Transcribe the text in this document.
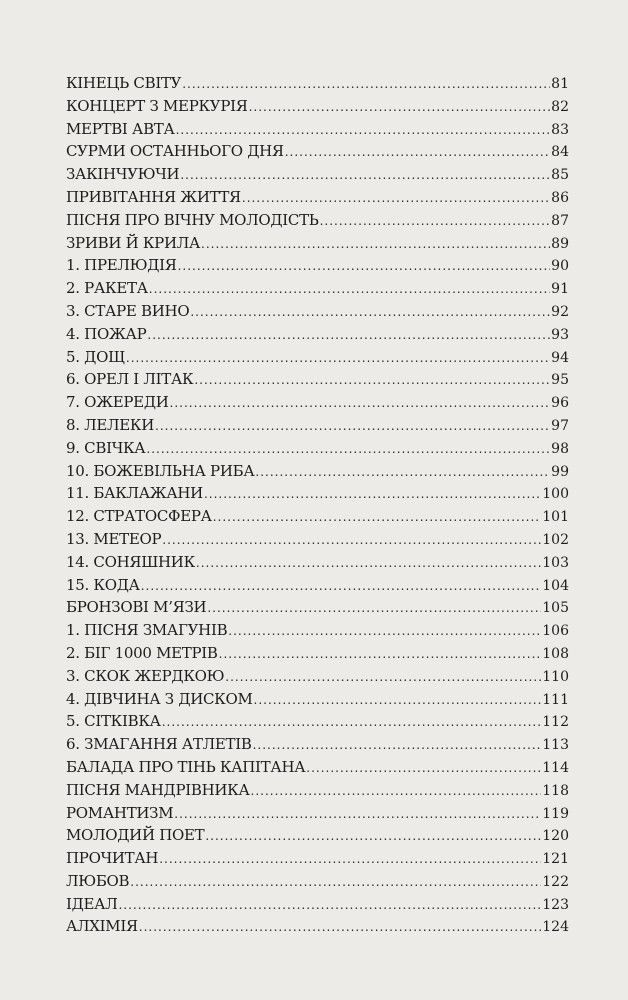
КІНЕЦЬ СВІТУ .....	81
КОНЦЕРТ З МЕРКУРІЯ .....	82
МЕРТВІ АВТА .....	83
СУРМИ ОСТАННЬОГО ДНЯ .....	84
ЗАКІНЧУЮЧИ .....	85
ПРИВІТАННЯ ЖИТТЯ .....	86
ПІСНЯ ПРО ВІЧНУ МОЛОДІСТЬ .....	87
ЗРИВИ Й КРИЛА .....	89
1. ПРЕЛЮДІЯ .....	90
2. РАКЕТА .....	91
3. СТАРЕ ВИНО .....	92
4. ПОЖАР .....	93
5. ДОЩ .....	94
6. ОРЕЛ І ЛІТАК .....	95
7. ОЖЕРЕДИ .....	96
8. ЛЕЛЕКИ .....	97
9. СВІЧКА .....	98
10. БОЖЕВІЛЬНА РИБА .....	99
11. БАКЛАЖАНИ .....	100
12. СТРАТОСФЕРА .....	101
13. МЕТЕОР .....	102
14. СОНЯШНИК .....	103
15. КОДА .....	104
БРОНЗОВІ М’ЯЗИ .....	105
1. ПІСНЯ ЗМАГУНІВ .....	106
2. БІГ 1000 МЕТРІВ .....	108
3. СКОК ЖЕРДКОЮ .....	110
4. ДІВЧИНА З ДИСКОМ .....	111
5. СІТКІВКА .....	112
6. ЗМАГАННЯ АТЛЕТІВ .....	113
БАЛАДА ПРО ТІНЬ КАПІТАНА .....	114
ПІСНЯ МАНДРІВНИКА .....	118
РОМАНТИЗМ .....	119
МОЛОДИЙ ПОЕТ .....	120
ПРОЧИТАН .....	121
ЛЮБОВ .....	122
ІДЕАЛ .....	123
АЛХІМІЯ .....	124
